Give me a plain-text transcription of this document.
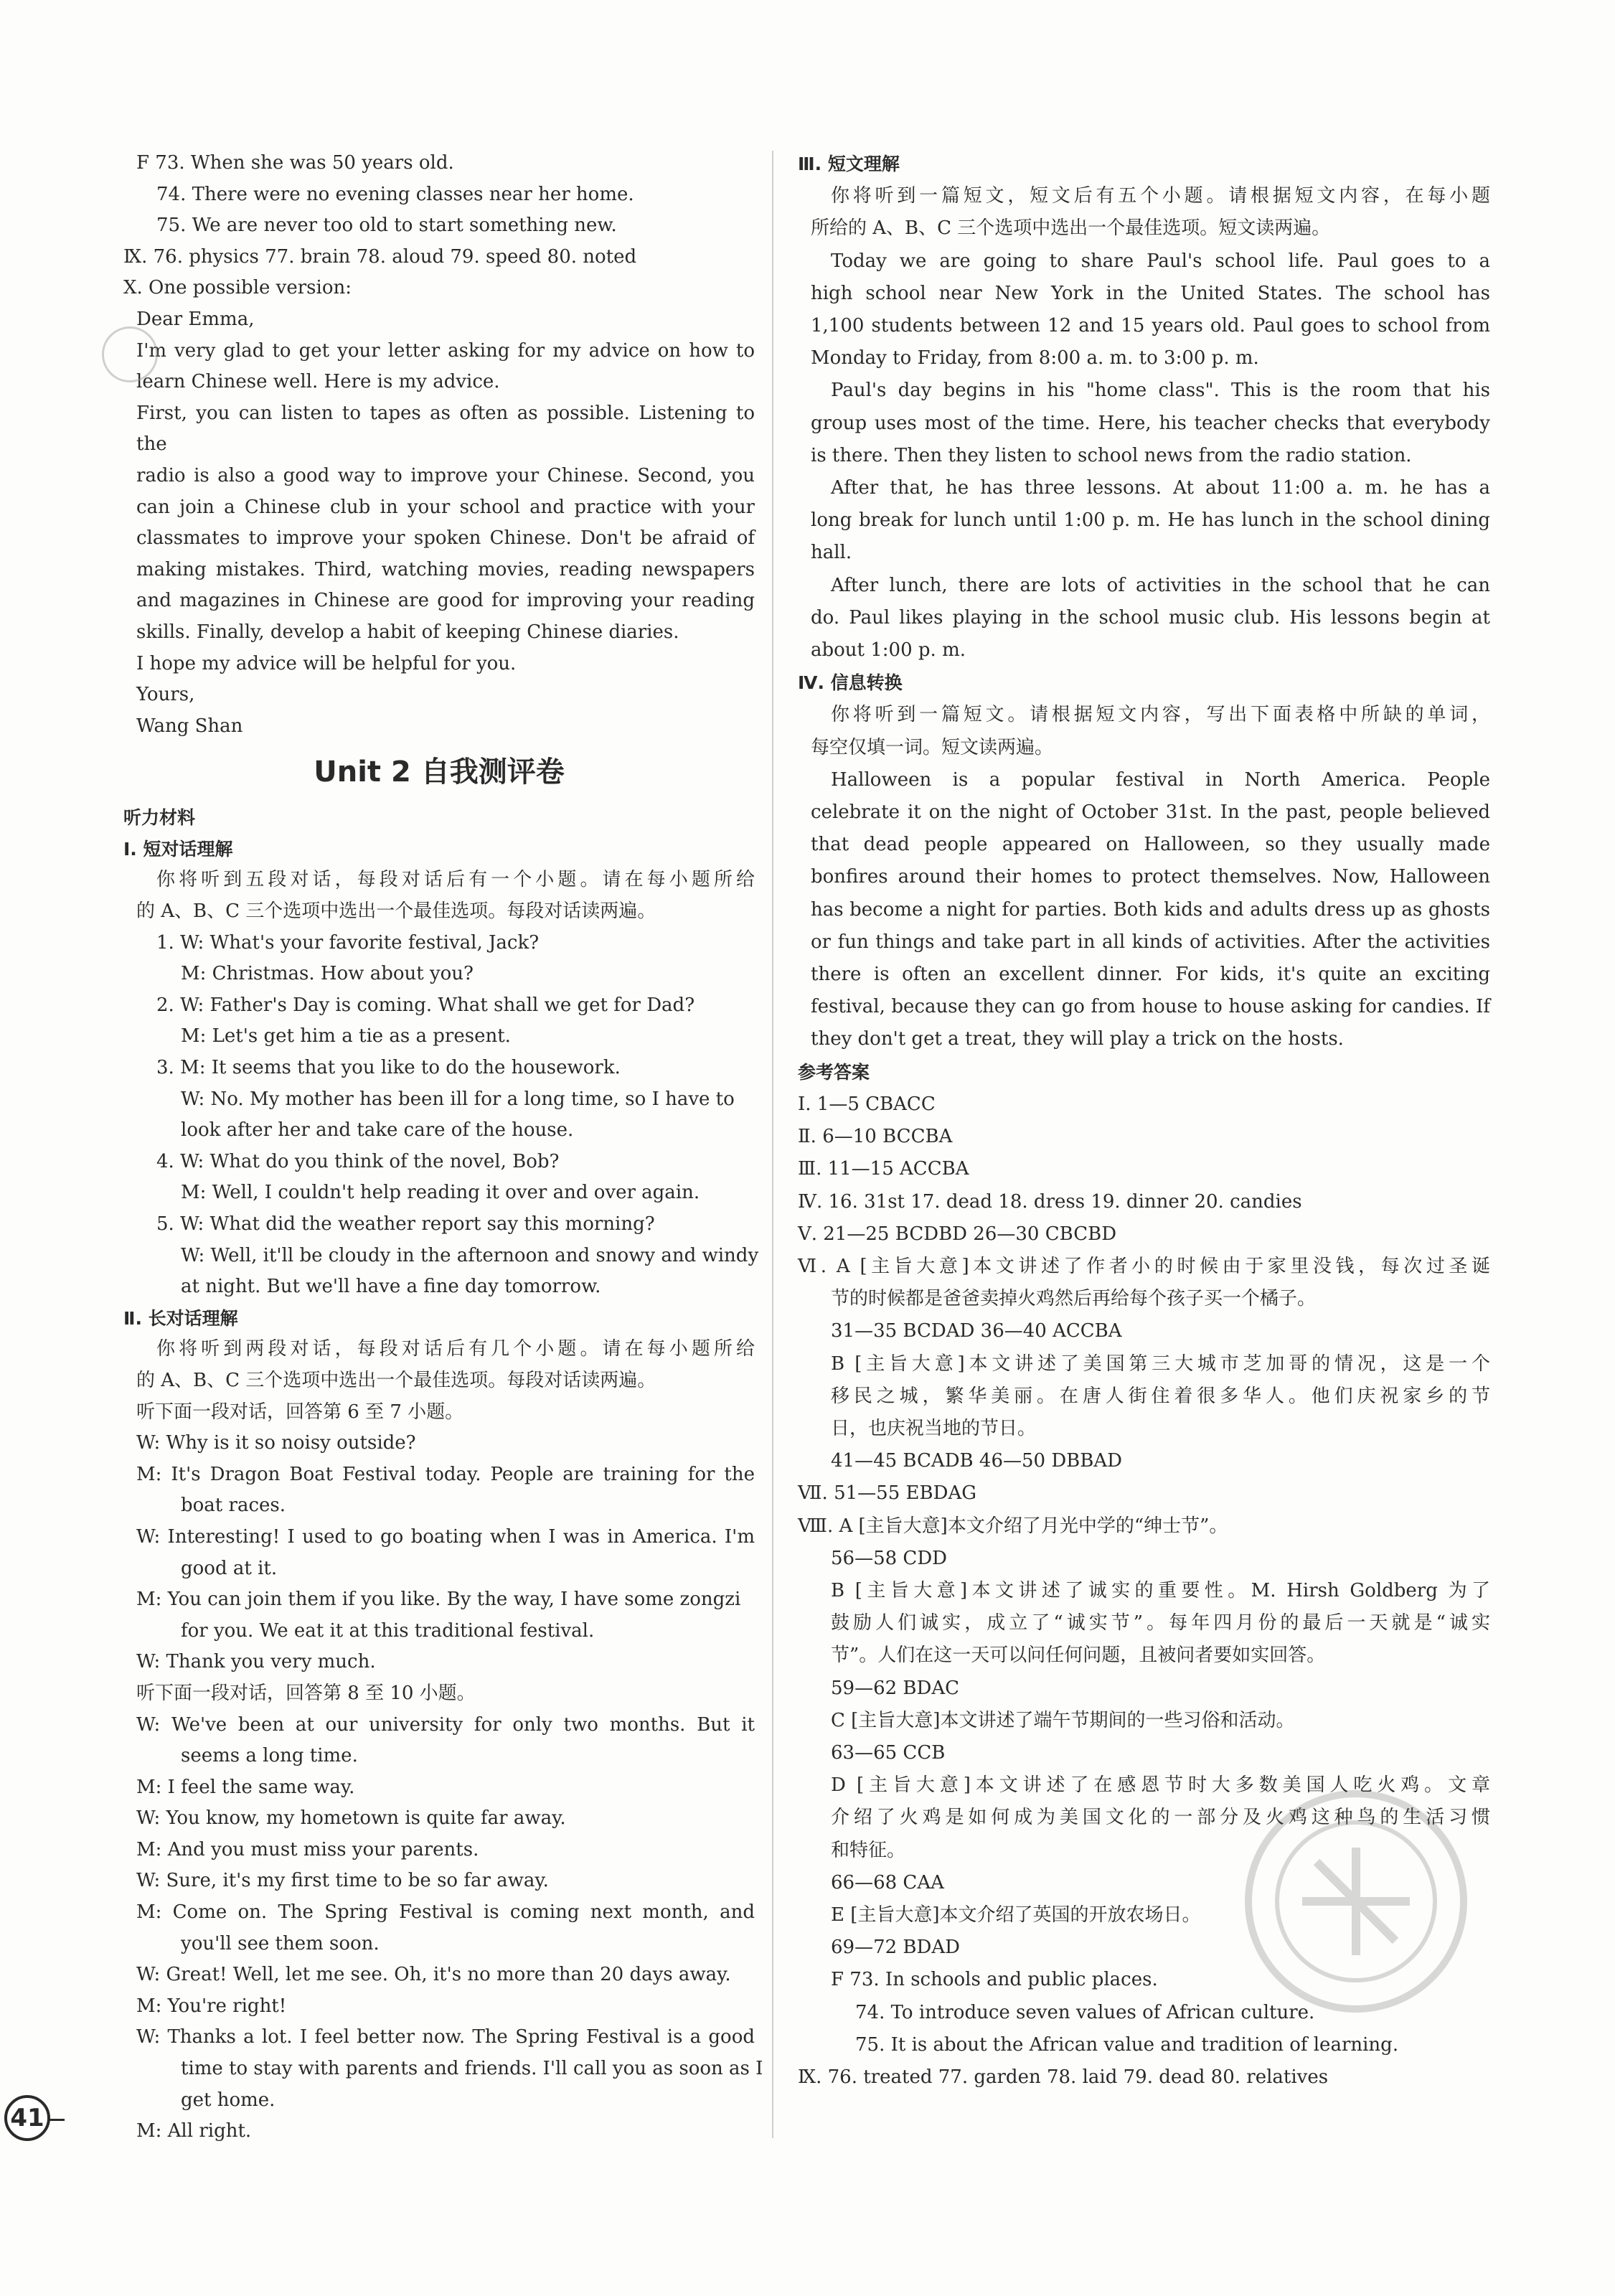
F 73. When she was 50 years old.
74. There were no evening classes near her home.
75. We are never too old to start something new.
Ⅸ. 76. physics 77. brain 78. aloud 79. speed 80. noted
Ⅹ. One possible version:
Dear Emma,
I'm very glad to get your letter asking for my advice on how to
learn Chinese well. Here is my advice.
First, you can listen to tapes as often as possible. Listening to the
radio is also a good way to improve your Chinese. Second, you
can join a Chinese club in your school and practice with your
classmates to improve your spoken Chinese. Don't be afraid of
making mistakes. Third, watching movies, reading newspapers
and magazines in Chinese are good for improving your reading
skills. Finally, develop a habit of keeping Chinese diaries.
I hope my advice will be helpful for you.
Yours,
Wang Shan
Unit 2 自我测评卷
听力材料
Ⅰ. 短对话理解
你将听到五段对话，每段对话后有一个小题。请在每小题所给
的 A、B、C 三个选项中选出一个最佳选项。每段对话读两遍。
1. W: What's your favorite festival, Jack?
M: Christmas. How about you?
2. W: Father's Day is coming. What shall we get for Dad?
M: Let's get him a tie as a present.
3. M: It seems that you like to do the housework.
W: No. My mother has been ill for a long time, so I have to
look after her and take care of the house.
4. W: What do you think of the novel, Bob?
M: Well, I couldn't help reading it over and over again.
5. W: What did the weather report say this morning?
W: Well, it'll be cloudy in the afternoon and snowy and windy
at night. But we'll have a fine day tomorrow.
Ⅱ. 长对话理解
你将听到两段对话，每段对话后有几个小题。请在每小题所给
的 A、B、C 三个选项中选出一个最佳选项。每段对话读两遍。
听下面一段对话，回答第 6 至 7 小题。
W: Why is it so noisy outside?
M: It's Dragon Boat Festival today. People are training for the
boat races.
W: Interesting! I used to go boating when I was in America. I'm
good at it.
M: You can join them if you like. By the way, I have some zongzi
for you. We eat it at this traditional festival.
W: Thank you very much.
听下面一段对话，回答第 8 至 10 小题。
W: We've been at our university for only two months. But it
seems a long time.
M: I feel the same way.
W: You know, my hometown is quite far away.
M: And you must miss your parents.
W: Sure, it's my first time to be so far away.
M: Come on. The Spring Festival is coming next month, and
you'll see them soon.
W: Great! Well, let me see. Oh, it's no more than 20 days away.
M: You're right!
W: Thanks a lot. I feel better now. The Spring Festival is a good
time to stay with parents and friends. I'll call you as soon as I
get home.
M: All right.
Ⅲ. 短文理解
你将听到一篇短文，短文后有五个小题。请根据短文内容，在每小题
所给的 A、B、C 三个选项中选出一个最佳选项。短文读两遍。
Today we are going to share Paul's school life. Paul goes to a
high school near New York in the United States. The school has
1,100 students between 12 and 15 years old. Paul goes to school from
Monday to Friday, from 8:00 a. m. to 3:00 p. m.
Paul's day begins in his "home class". This is the room that his
group uses most of the time. Here, his teacher checks that everybody
is there. Then they listen to school news from the radio station.
After that, he has three lessons. At about 11:00 a. m. he has a
long break for lunch until 1:00 p. m. He has lunch in the school dining
hall.
After lunch, there are lots of activities in the school that he can
do. Paul likes playing in the school music club. His lessons begin at
about 1:00 p. m.
Ⅳ. 信息转换
你将听到一篇短文。请根据短文内容，写出下面表格中所缺的单词，
每空仅填一词。短文读两遍。
Halloween is a popular festival in North America. People
celebrate it on the night of October 31st. In the past, people believed
that dead people appeared on Halloween, so they usually made
bonfires around their homes to protect themselves. Now, Halloween
has become a night for parties. Both kids and adults dress up as ghosts
or fun things and take part in all kinds of activities. After the activities
there is often an excellent dinner. For kids, it's quite an exciting
festival, because they can go from house to house asking for candies. If
they don't get a treat, they will play a trick on the hosts.
参考答案
Ⅰ. 1—5 CBACC
Ⅱ. 6—10 BCCBA
Ⅲ. 11—15 ACCBA
Ⅳ. 16. 31st 17. dead 18. dress 19. dinner 20. candies
Ⅴ. 21—25 BCDBD 26—30 CBCBD
Ⅵ. A [主旨大意]本文讲述了作者小的时候由于家里没钱，每次过圣诞
节的时候都是爸爸卖掉火鸡然后再给每个孩子买一个橘子。
31—35 BCDAD 36—40 ACCBA
B [主旨大意]本文讲述了美国第三大城市芝加哥的情况，这是一个
移民之城，繁华美丽。在唐人街住着很多华人。他们庆祝家乡的节
日，也庆祝当地的节日。
41—45 BCADB 46—50 DBBAD
Ⅶ. 51—55 EBDAG
Ⅷ. A [主旨大意]本文介绍了月光中学的“绅士节”。
56—58 CDD
B [主旨大意]本文讲述了诚实的重要性。M. Hirsh Goldberg 为了
鼓励人们诚实，成立了“诚实节”。每年四月份的最后一天就是“诚实
节”。人们在这一天可以问任何问题，且被问者要如实回答。
59—62 BDAC
C [主旨大意]本文讲述了端午节期间的一些习俗和活动。
63—65 CCB
D [主旨大意]本文讲述了在感恩节时大多数美国人吃火鸡。文章
介绍了火鸡是如何成为美国文化的一部分及火鸡这种鸟的生活习惯
和特征。
66—68 CAA
E [主旨大意]本文介绍了英国的开放农场日。
69—72 BDAD
F 73. In schools and public places.
74. To introduce seven values of African culture.
75. It is about the African value and tradition of learning.
Ⅸ. 76. treated 77. garden 78. laid 79. dead 80. relatives
41
